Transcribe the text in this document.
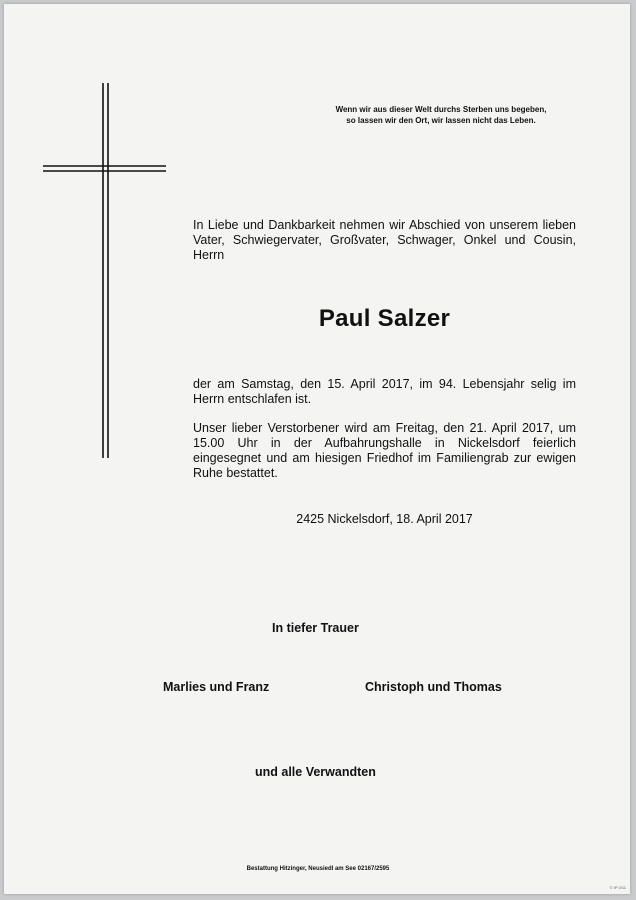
Wenn wir aus dieser Welt durchs Sterben uns begeben,
so lassen wir den Ort, wir lassen nicht das Leben.
In Liebe und Dankbarkeit nehmen wir Abschied von unserem lieben Vater, Schwiegervater, Großvater, Schwager, Onkel und Cousin, Herrn
Paul Salzer
der am Samstag, den 15. April 2017, im 94. Lebensjahr selig im Herrn entschlafen ist.
Unser lieber Verstorbener wird am Freitag, den 21. April 2017, um 15.00 Uhr in der Aufbahrungshalle in Nickelsdorf feierlich eingesegnet und am hiesigen Friedhof im Familiengrab zur ewigen Ruhe bestattet.
2425 Nickelsdorf, 18. April 2017
In tiefer Trauer
Marlies und Franz	Christoph und Thomas
und alle Verwandten
Bestattung Hitzinger, Neusiedl am See 02167/2595
© IP 0/11
